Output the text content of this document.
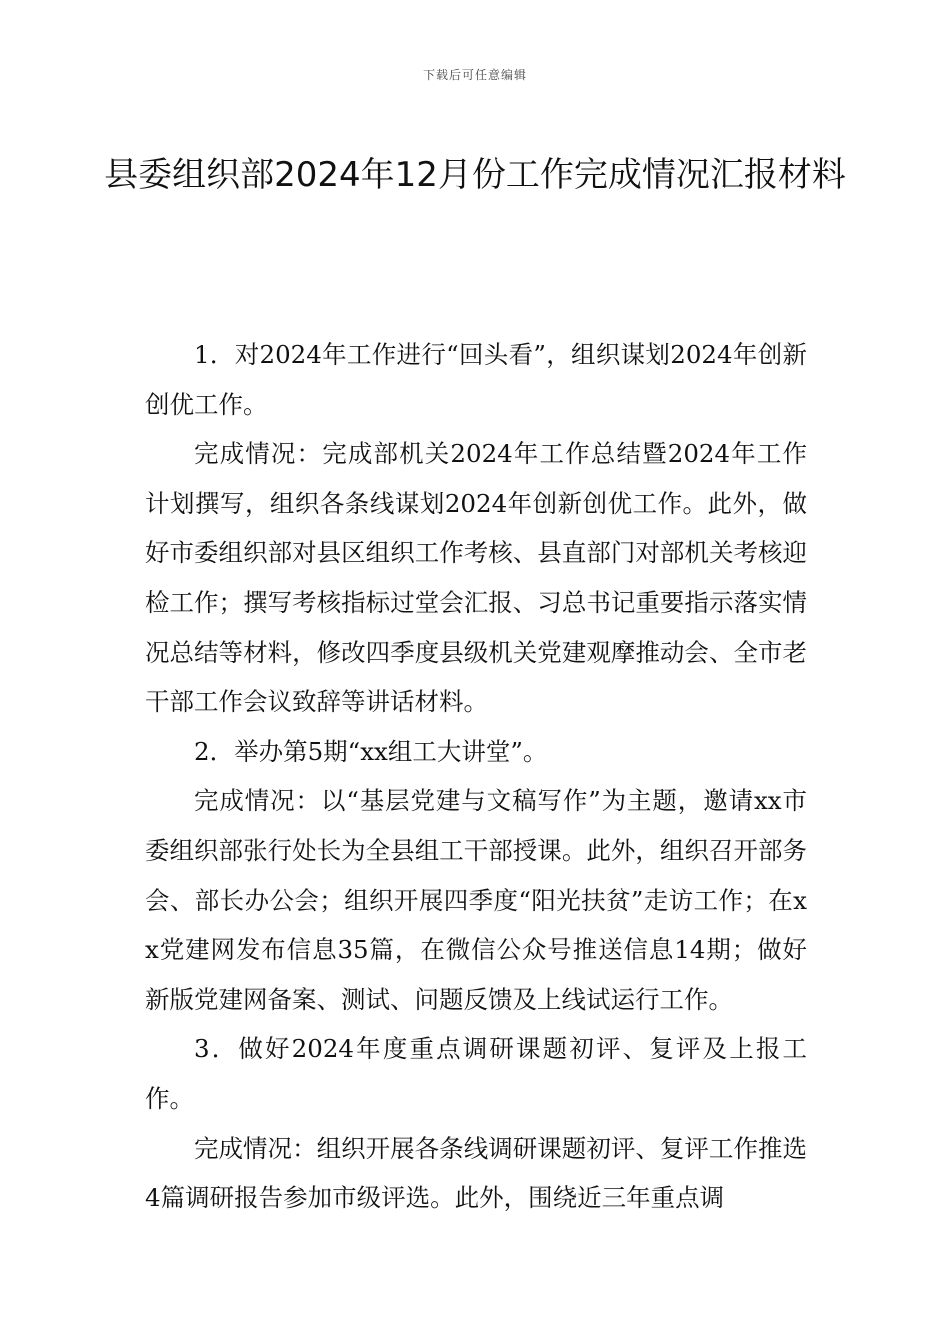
下载后可任意编辑
县委组织部2024年12月份工作完成情况汇报材料

1．对2024年工作进行“回头看”，组织谋划2024年创新创优工作。

完成情况：完成部机关2024年工作总结暨2024年工作计划撰写，组织各条线谋划2024年创新创优工作。此外，做好市委组织部对县区组织工作考核、县直部门对部机关考核迎检工作；撰写考核指标过堂会汇报、习总书记重要指示落实情况总结等材料，修改四季度县级机关党建观摩推动会、全市老干部工作会议致辞等讲话材料。

2．举办第5期“xx组工大讲堂”。

完成情况：以“基层党建与文稿写作”为主题，邀请xx市委组织部张行处长为全县组工干部授课。此外，组织召开部务会、部长办公会；组织开展四季度“阳光扶贫”走访工作；在xx党建网发布信息35篇，在微信公众号推送信息14期；做好新版党建网备案、测试、问题反馈及上线试运行工作。

3．做好2024年度重点调研课题初评、复评及上报工作。

完成情况：组织开展各条线调研课题初评、复评工作推选4篇调研报告参加市级评选。此外，围绕近三年重点调
